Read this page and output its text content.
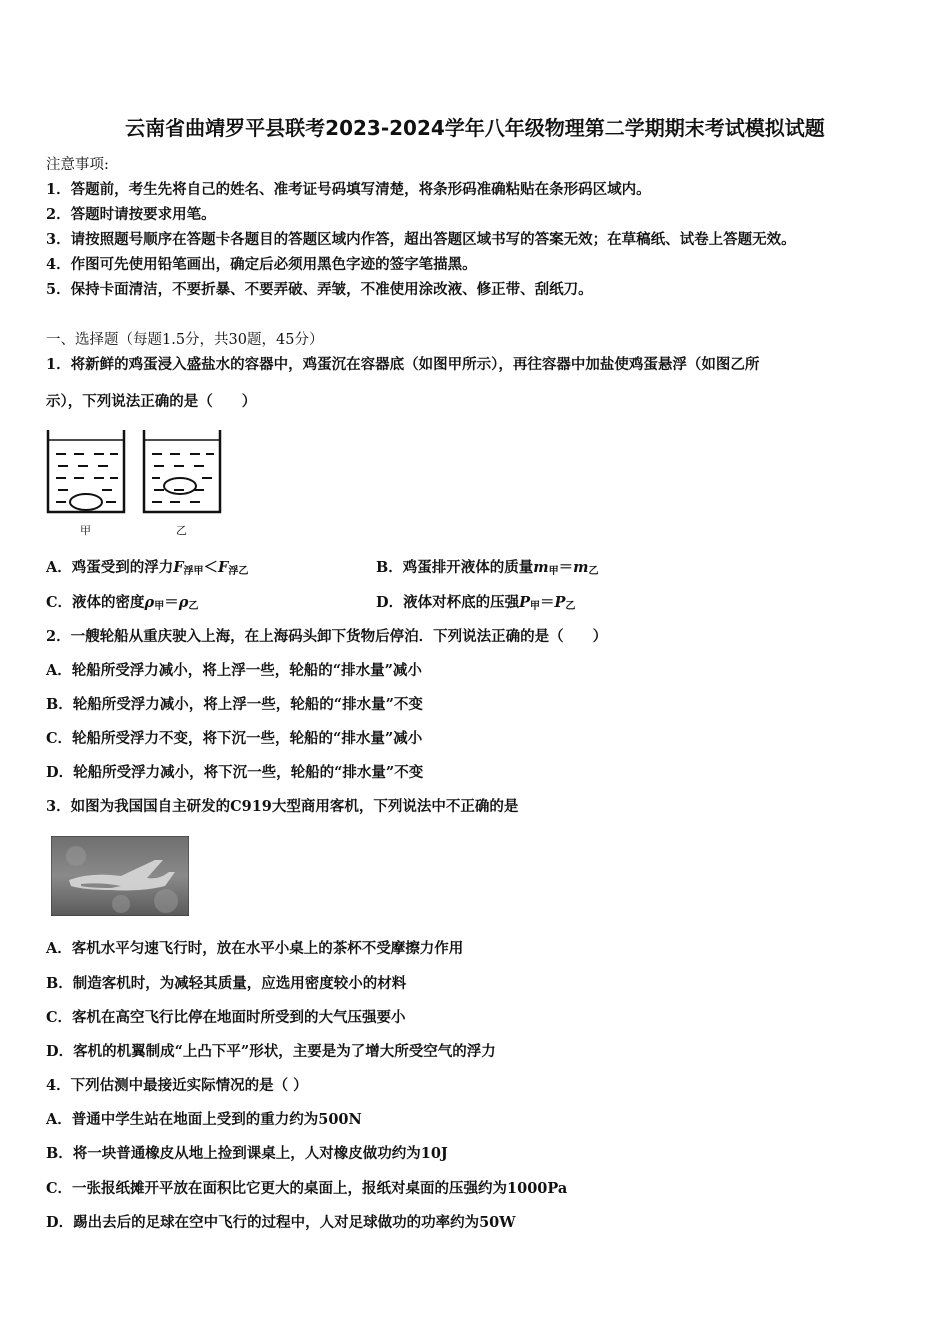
云南省曲靖罗平县联考2023-2024学年八年级物理第二学期期末考试模拟试题
注意事项:
1．答题前，考生先将自己的姓名、准考证号码填写清楚，将条形码准确粘贴在条形码区域内。
2．答题时请按要求用笔。
3．请按照题号顺序在答题卡各题目的答题区域内作答，超出答题区域书写的答案无效；在草稿纸、试卷上答题无效。
4．作图可先使用铅笔画出，确定后必须用黑色字迹的签字笔描黑。
5．保持卡面清洁，不要折暴、不要弄破、弄皱，不准使用涂改液、修正带、刮纸刀。
一、选择题（每题1.5分，共30题，45分）
1．将新鲜的鸡蛋浸入盛盐水的容器中，鸡蛋沉在容器底（如图甲所示），再往容器中加盐使鸡蛋悬浮（如图乙所
示），下列说法正确的是（　　）
甲	乙
A．鸡蛋受到的浮力$F_{浮甲}<F_{浮乙}$	B．鸡蛋排开液体的质量$m_甲=m_乙$
C．液体的密度$\rho_甲=\rho_乙$	D．液体对杯底的压强$P_甲=P_乙$
2．一艘轮船从重庆驶入上海，在上海码头卸下货物后停泊．下列说法正确的是（　　）
A．轮船所受浮力减小，将上浮一些，轮船的“排水量”减小
B．轮船所受浮力减小，将上浮一些，轮船的“排水量”不变
C．轮船所受浮力不变，将下沉一些，轮船的“排水量”减小
D．轮船所受浮力减小，将下沉一些，轮船的“排水量”不变
3．如图为我国国自主研发的C919大型商用客机，下列说法中不正确的是
A．客机水平匀速飞行时，放在水平小桌上的茶杯不受摩擦力作用
B．制造客机时，为减轻其质量，应选用密度较小的材料
C．客机在高空飞行比停在地面时所受到的大气压强要小
D．客机的机翼制成“上凸下平”形状，主要是为了增大所受空气的浮力
4．下列估测中最接近实际情况的是（ ）
A．普通中学生站在地面上受到的重力约为500N
B．将一块普通橡皮从地上捡到课桌上，人对橡皮做功约为10J
C．一张报纸摊开平放在面积比它更大的桌面上，报纸对桌面的压强约为1000Pa
D．踢出去后的足球在空中飞行的过程中，人对足球做功的功率约为50W
